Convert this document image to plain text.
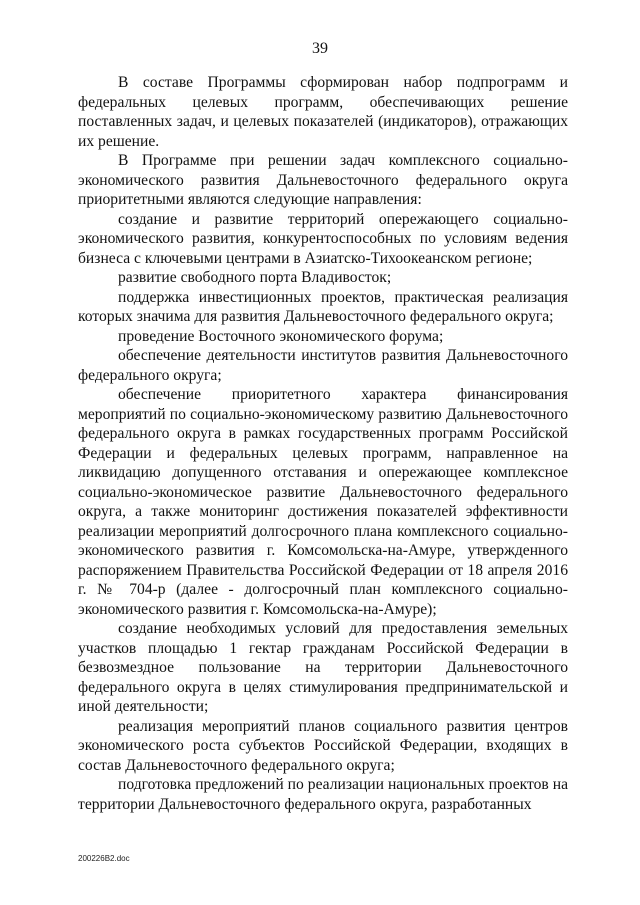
39

В составе Программы сформирован набор подпрограмм и федеральных целевых программ, обеспечивающих решение поставленных задач, и целевых показателей (индикаторов), отражающих их решение.

В Программе при решении задач комплексного социально-экономического развития Дальневосточного федерального округа приоритетными являются следующие направления:

создание и развитие территорий опережающего социально-экономического развития, конкурентоспособных по условиям ведения бизнеса с ключевыми центрами в Азиатско-Тихоокеанском регионе;

развитие свободного порта Владивосток;

поддержка инвестиционных проектов, практическая реализация которых значима для развития Дальневосточного федерального округа;

проведение Восточного экономического форума;

обеспечение деятельности институтов развития Дальневосточного федерального округа;

обеспечение приоритетного характера финансирования мероприятий по социально-экономическому развитию Дальневосточного федерального округа в рамках государственных программ Российской Федерации и федеральных целевых программ, направленное на ликвидацию допущенного отставания и опережающее комплексное социально-экономическое развитие Дальневосточного федерального округа, а также мониторинг достижения показателей эффективности реализации мероприятий долгосрочного плана комплексного социально-экономического развития г. Комсомольска-на-Амуре, утвержденного распоряжением Правительства Российской Федерации от 18 апреля 2016 г. № 704-р (далее - долгосрочный план комплексного социально-экономического развития г. Комсомольска-на-Амуре);

создание необходимых условий для предоставления земельных участков площадью 1 гектар гражданам Российской Федерации в безвозмездное пользование на территории Дальневосточного федерального округа в целях стимулирования предпринимательской и иной деятельности;

реализация мероприятий планов социального развития центров экономического роста субъектов Российской Федерации, входящих в состав Дальневосточного федерального округа;

подготовка предложений по реализации национальных проектов на территории Дальневосточного федерального округа, разработанных

200226В2.doc
